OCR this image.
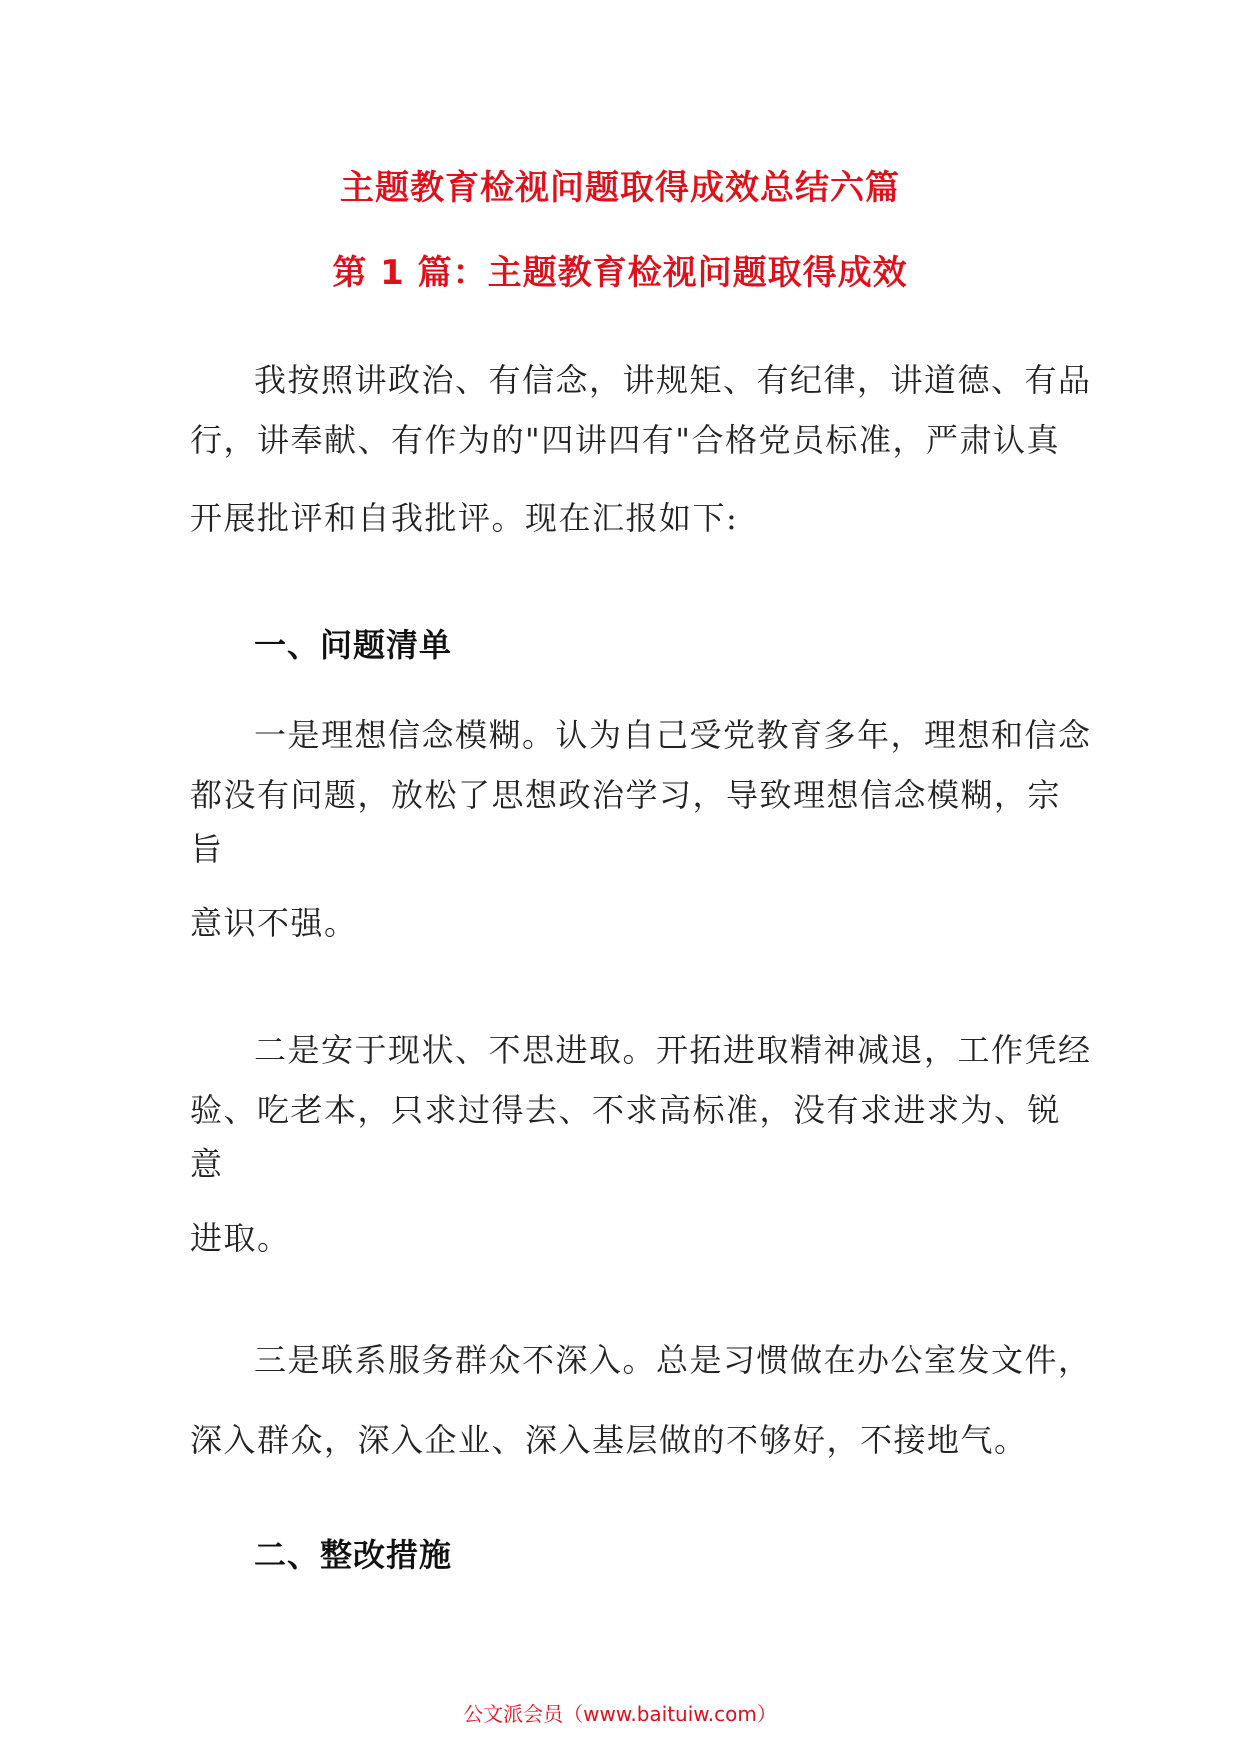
主题教育检视问题取得成效总结六篇
第 1 篇：主题教育检视问题取得成效
我按照讲政治、有信念，讲规矩、有纪律，讲道德、有品
行，讲奉献、有作为的"四讲四有"合格党员标准，严肃认真
开展批评和自我批评。现在汇报如下:
一、问题清单
一是理想信念模糊。认为自己受党教育多年，理想和信念
都没有问题，放松了思想政治学习，导致理想信念模糊，宗
旨
意识不强。
二是安于现状、不思进取。开拓进取精神减退，工作凭经
验、吃老本，只求过得去、不求高标准，没有求进求为、锐
意
进取。
三是联系服务群众不深入。总是习惯做在办公室发文件，
深入群众，深入企业、深入基层做的不够好，不接地气。
二、整改措施
公文派会员（www.baituiw.com）
